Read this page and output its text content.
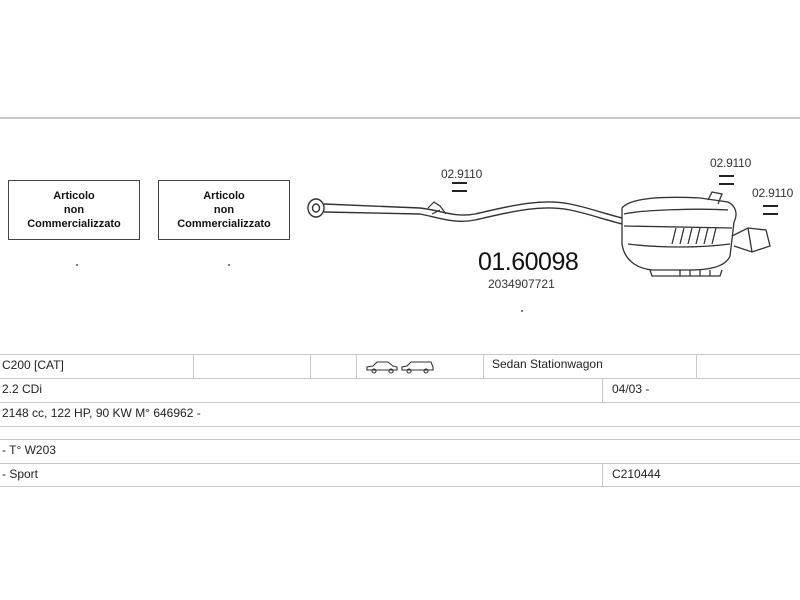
Articolo
non
Commercializzato
Articolo
non
Commercializzato
02.9110
02.9110
02.9110
01.60098
2034907721
C200 [CAT]	Sedan Stationwagon
2.2 CDi	04/03 -
2148 cc, 122 HP, 90 KW M° 646962 -
- T° W203
- Sport	C210444
